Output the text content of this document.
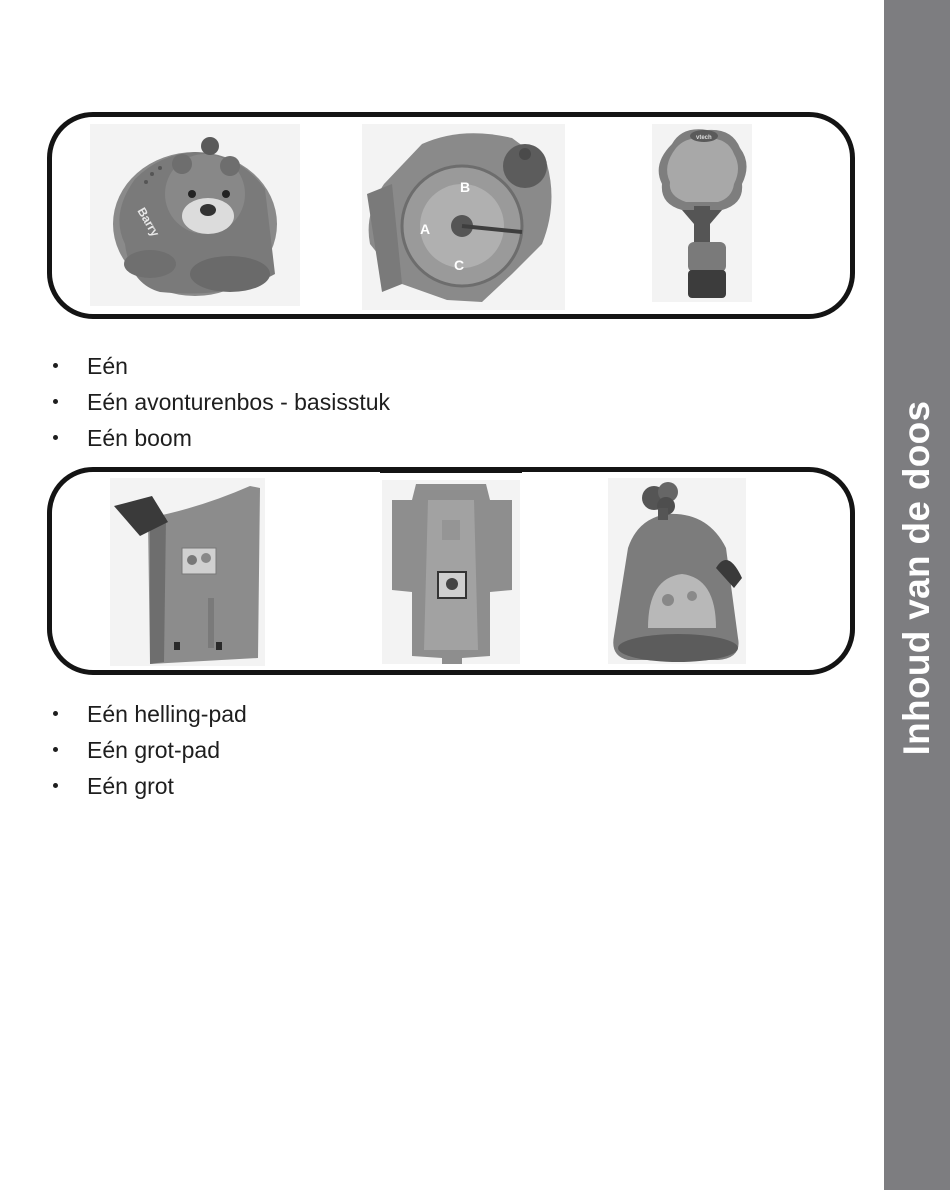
Inhoud van de doos
Barry
B
A
C
vtech
Eén
Eén avonturenbos - basisstuk
Eén boom
Eén helling-pad
Eén grot-pad
Eén grot
